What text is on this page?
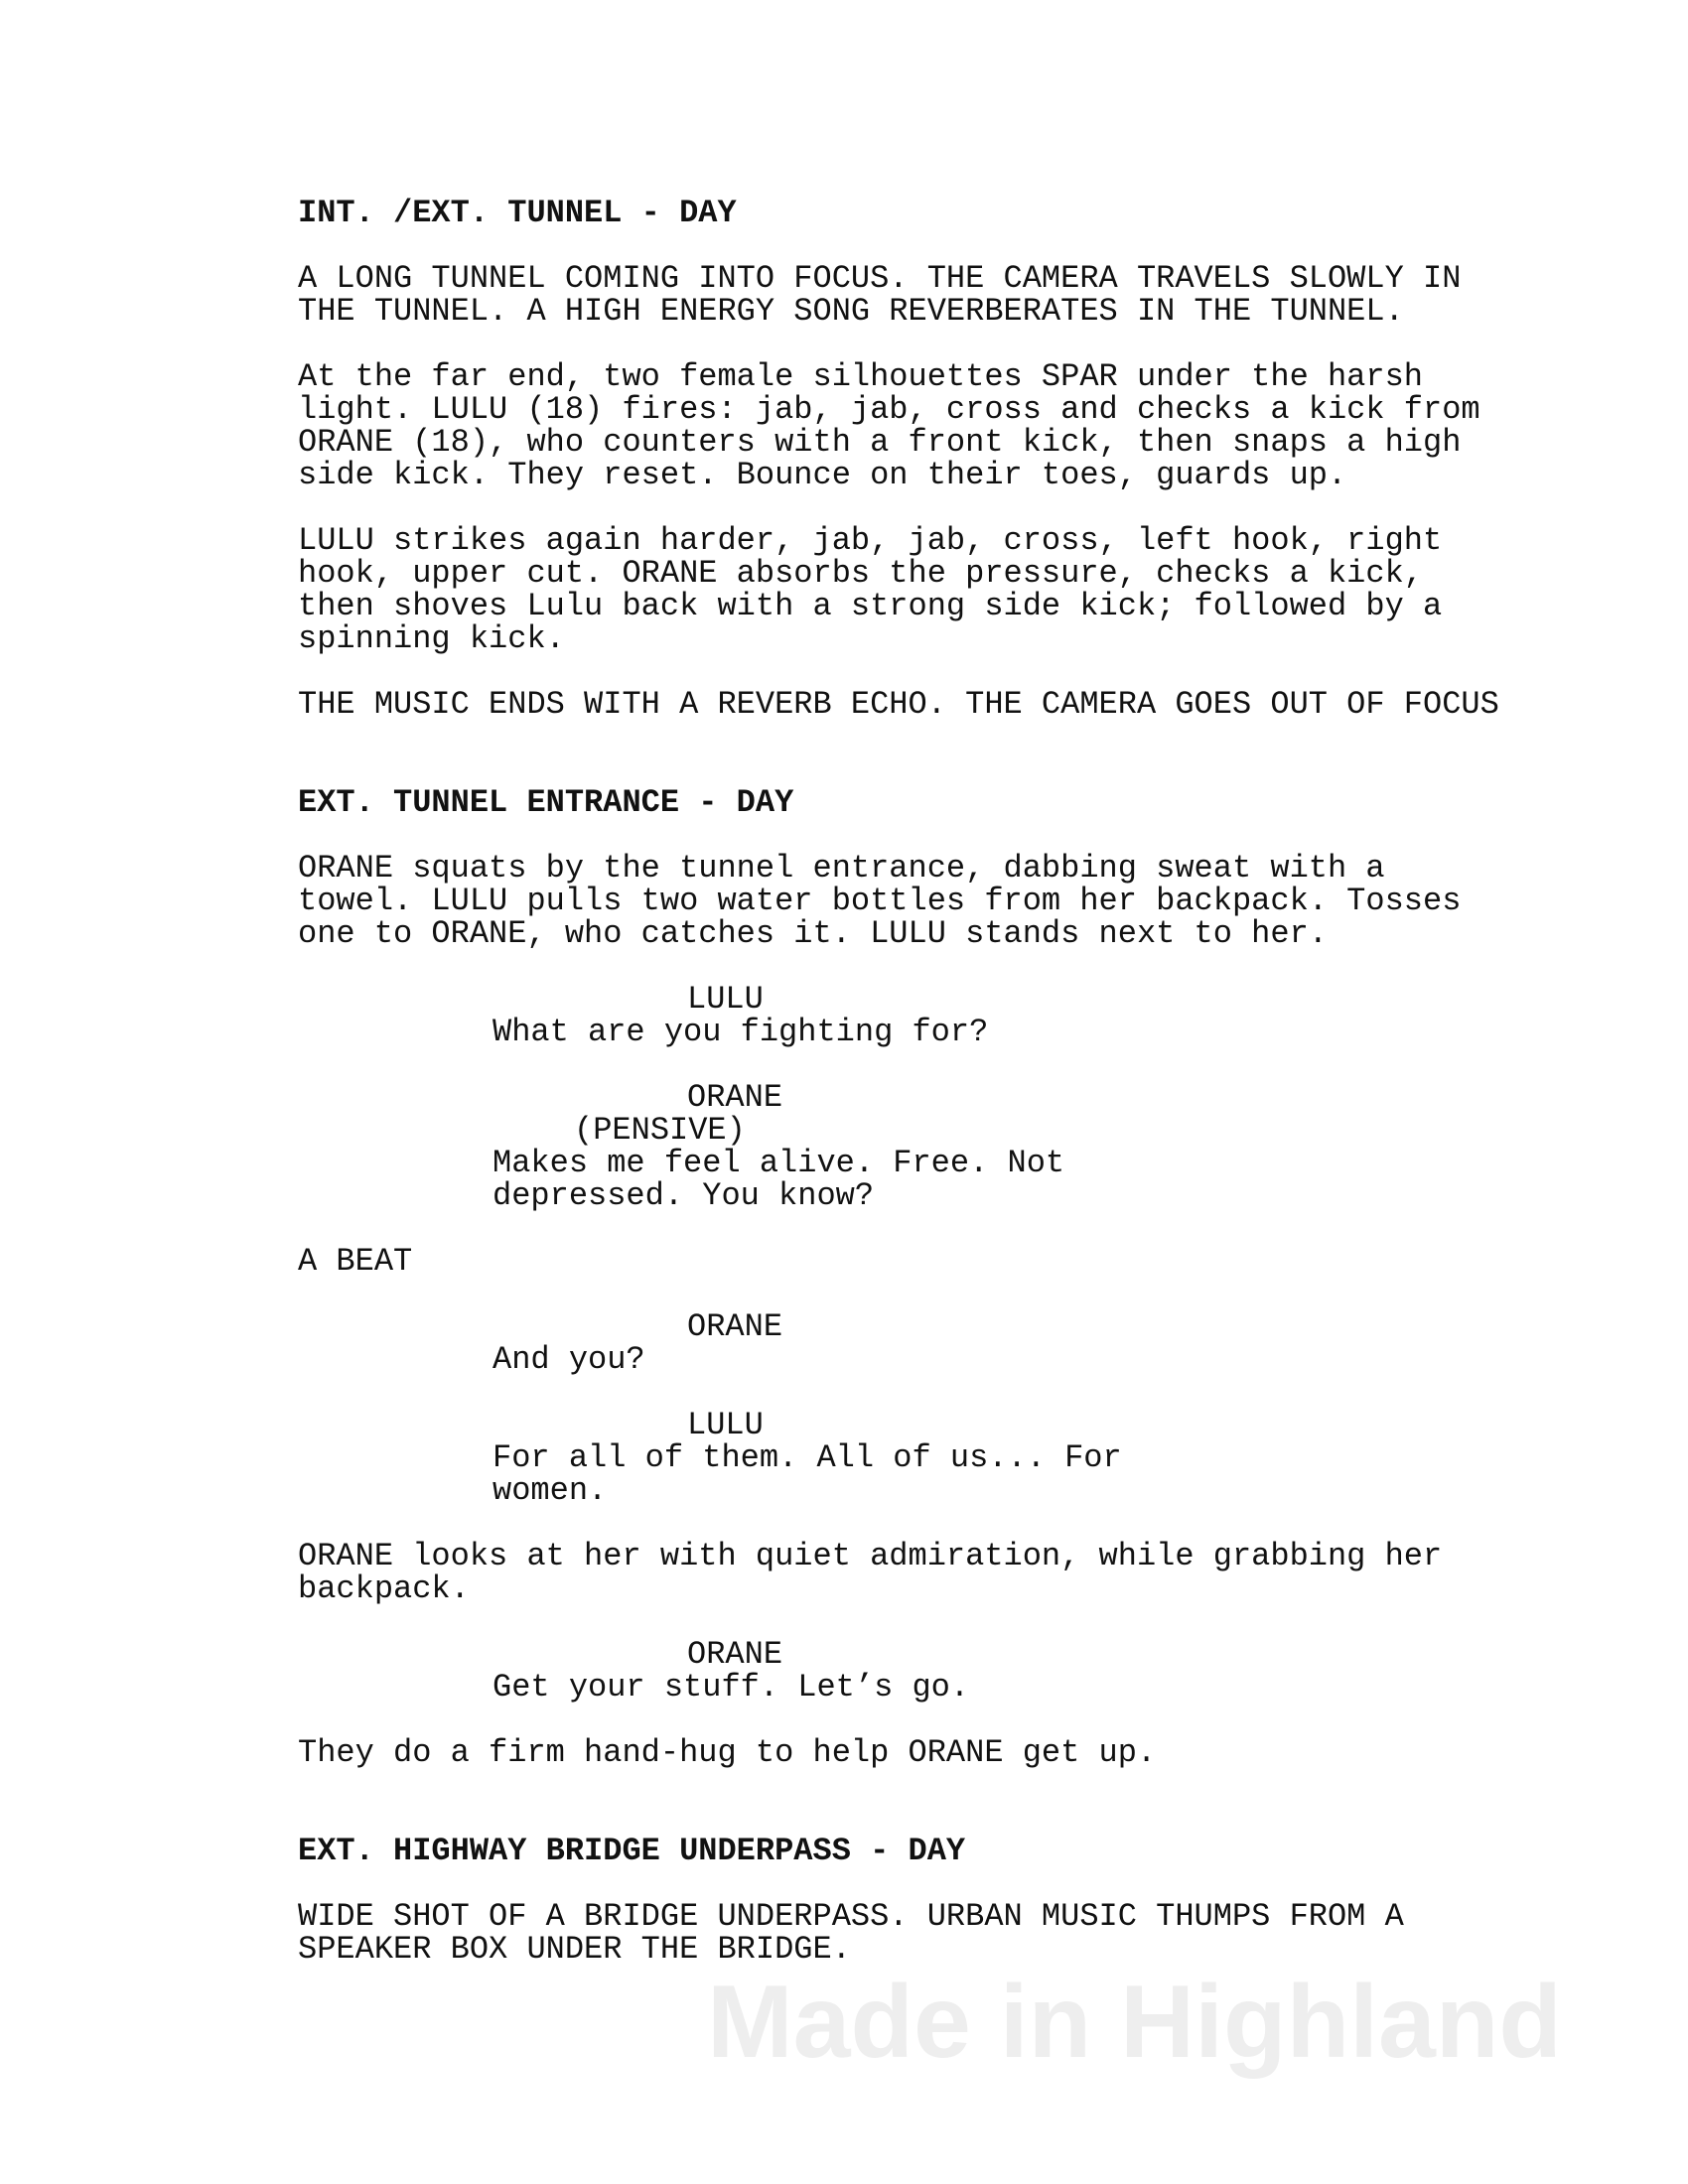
INT. /EXT. TUNNEL - DAY

A LONG TUNNEL COMING INTO FOCUS. THE CAMERA TRAVELS SLOWLY IN

THE TUNNEL. A HIGH ENERGY SONG REVERBERATES IN THE TUNNEL.

At the far end, two female silhouettes SPAR under the harsh

light. LULU (18) fires: jab, jab, cross and checks a kick from

ORANE (18), who counters with a front kick, then snaps a high

side kick. They reset. Bounce on their toes, guards up.

LULU strikes again harder, jab, jab, cross, left hook, right

hook, upper cut. ORANE absorbs the pressure, checks a kick,

then shoves Lulu back with a strong side kick; followed by a

spinning kick.

THE MUSIC ENDS WITH A REVERB ECHO. THE CAMERA GOES OUT OF FOCUS

EXT. TUNNEL ENTRANCE - DAY

ORANE squats by the tunnel entrance, dabbing sweat with a

towel. LULU pulls two water bottles from her backpack. Tosses

one to ORANE, who catches it. LULU stands next to her.

LULU

What are you fighting for?

ORANE

(PENSIVE)

Makes me feel alive. Free. Not

depressed. You know?

A BEAT

ORANE

And you?

LULU

For all of them. All of us... For

women.

ORANE looks at her with quiet admiration, while grabbing her

backpack.

ORANE

Get your stuff. Let’s go.

They do a firm hand-hug to help ORANE get up.

EXT. HIGHWAY BRIDGE UNDERPASS - DAY

WIDE SHOT OF A BRIDGE UNDERPASS. URBAN MUSIC THUMPS FROM A

SPEAKER BOX UNDER THE BRIDGE.

Made in Highland
